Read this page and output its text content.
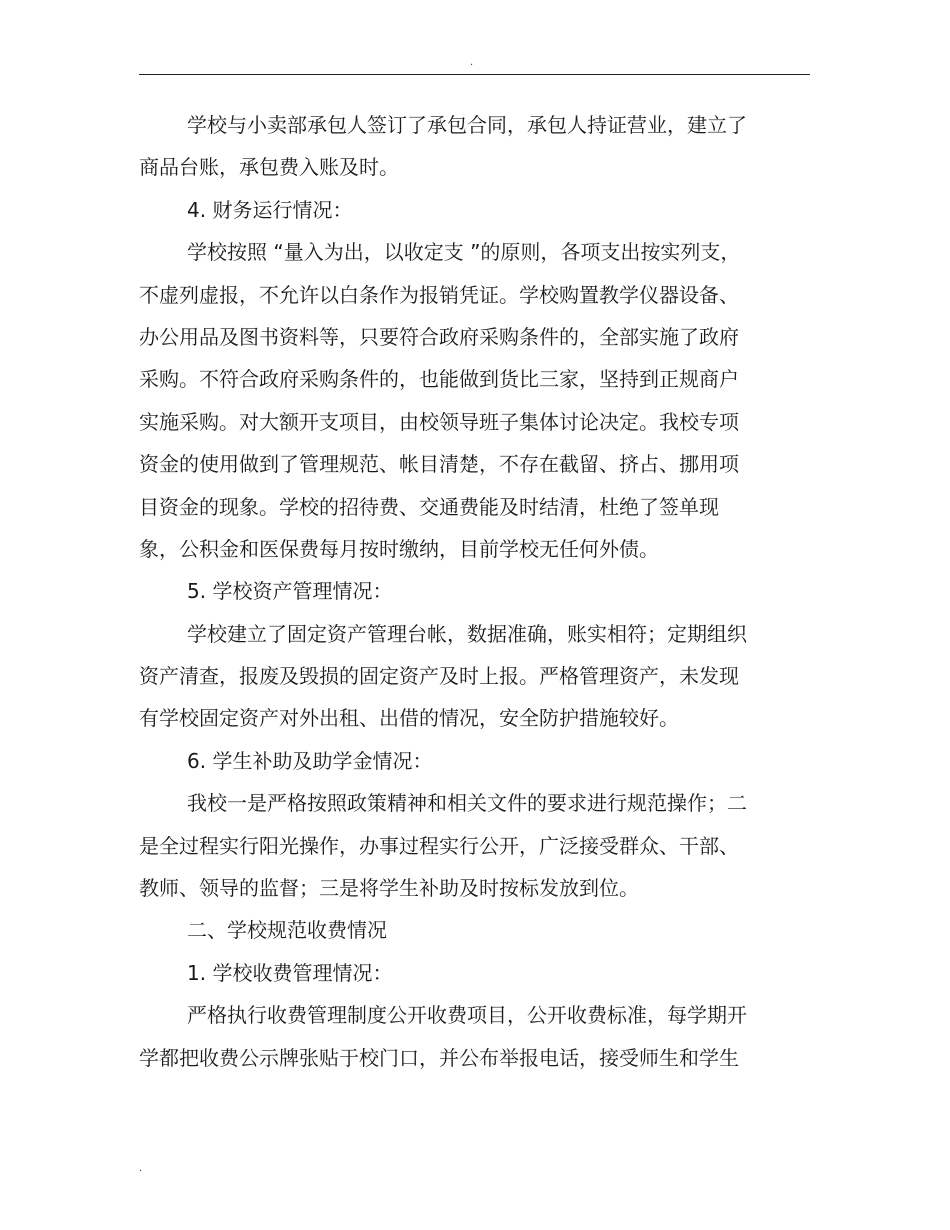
.
学校与小卖部承包人签订了承包合同，承包人持证营业，建立了
商品台账，承包费入账及时。
4. 财务运行情况：
学校按照 “量入为出，以收定支 ”的原则，各项支出按实列支，
不虚列虚报，不允许以白条作为报销凭证。学校购置教学仪器设备、
办公用品及图书资料等，只要符合政府采购条件的，全部实施了政府
采购。不符合政府采购条件的，也能做到货比三家，坚持到正规商户
实施采购。对大额开支项目，由校领导班子集体讨论决定。我校专项
资金的使用做到了管理规范、帐目清楚，不存在截留、挤占、挪用项
目资金的现象。学校的招待费、交通费能及时结清，杜绝了签单现
象，公积金和医保费每月按时缴纳，目前学校无任何外债。
5. 学校资产管理情况：
学校建立了固定资产管理台帐，数据准确，账实相符；定期组织
资产清查，报废及毁损的固定资产及时上报。严格管理资产，未发现
有学校固定资产对外出租、出借的情况，安全防护措施较好。
6. 学生补助及助学金情况：
我校一是严格按照政策精神和相关文件的要求进行规范操作；二
是全过程实行阳光操作，办事过程实行公开，广泛接受群众、干部、
教师、领导的监督；三是将学生补助及时按标发放到位。
二、学校规范收费情况
1. 学校收费管理情况：
严格执行收费管理制度公开收费项目，公开收费标准，每学期开
学都把收费公示牌张贴于校门口，并公布举报电话，接受师生和学生
.
